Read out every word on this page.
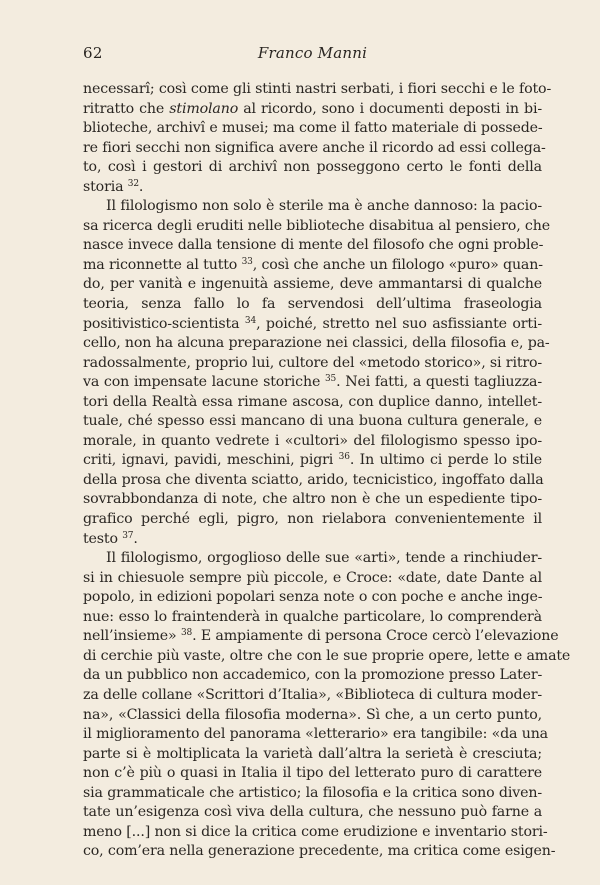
62	Franco Manni
necessarî; così come gli stinti nastri serbati, i fiori secchi e le foto-
ritratto che stimolano al ricordo, sono i documenti deposti in bi-
blioteche, archivî e musei; ma come il fatto materiale di possede-
re fiori secchi non significa avere anche il ricordo ad essi collega-
to, così i gestori di archivî non posseggono certo le fonti della
storia $^{32}$.
Il filologismo non solo è sterile ma è anche dannoso: la pacio-
sa ricerca degli eruditi nelle biblioteche disabitua al pensiero, che
nasce invece dalla tensione di mente del filosofo che ogni proble-
ma riconnette al tutto $^{33}$, così che anche un filologo «puro» quan-
do, per vanità e ingenuità assieme, deve ammantarsi di qualche
teoria, senza fallo lo fa servendosi dell’ultima fraseologia
positivistico-scientista $^{34}$, poiché, stretto nel suo asfissiante orti-
cello, non ha alcuna preparazione nei classici, della filosofia e, pa-
radossalmente, proprio lui, cultore del «metodo storico», si ritro-
va con impensate lacune storiche $^{35}$. Nei fatti, a questi tagliuzza-
tori della Realtà essa rimane ascosa, con duplice danno, intellet-
tuale, ché spesso essi mancano di una buona cultura generale, e
morale, in quanto vedrete i «cultori» del filologismo spesso ipo-
criti, ignavi, pavidi, meschini, pigri $^{36}$. In ultimo ci perde lo stile
della prosa che diventa sciatto, arido, tecnicistico, ingoffato dalla
sovrabbondanza di note, che altro non è che un espediente tipo-
grafico perché egli, pigro, non rielabora convenientemente il
testo $^{37}$.
Il filologismo, orgoglioso delle sue «arti», tende a rinchiuder-
si in chiesuole sempre più piccole, e Croce: «date, date Dante al
popolo, in edizioni popolari senza note o con poche e anche inge-
nue: esso lo fraintenderà in qualche particolare, lo comprenderà
nell’insieme» $^{38}$. E ampiamente di persona Croce cercò l’elevazione
di cerchie più vaste, oltre che con le sue proprie opere, lette e amate
da un pubblico non accademico, con la promozione presso Later-
za delle collane «Scrittori d’Italia», «Biblioteca di cultura moder-
na», «Classici della filosofia moderna». Sì che, a un certo punto,
il miglioramento del panorama «letterario» era tangibile: «da una
parte si è moltiplicata la varietà dall’altra la serietà è cresciuta;
non c’è più o quasi in Italia il tipo del letterato puro di carattere
sia grammaticale che artistico; la filosofia e la critica sono diven-
tate un’esigenza così viva della cultura, che nessuno può farne a
meno [...] non si dice la critica come erudizione e inventario stori-
co, com’era nella generazione precedente, ma critica come esigen-
